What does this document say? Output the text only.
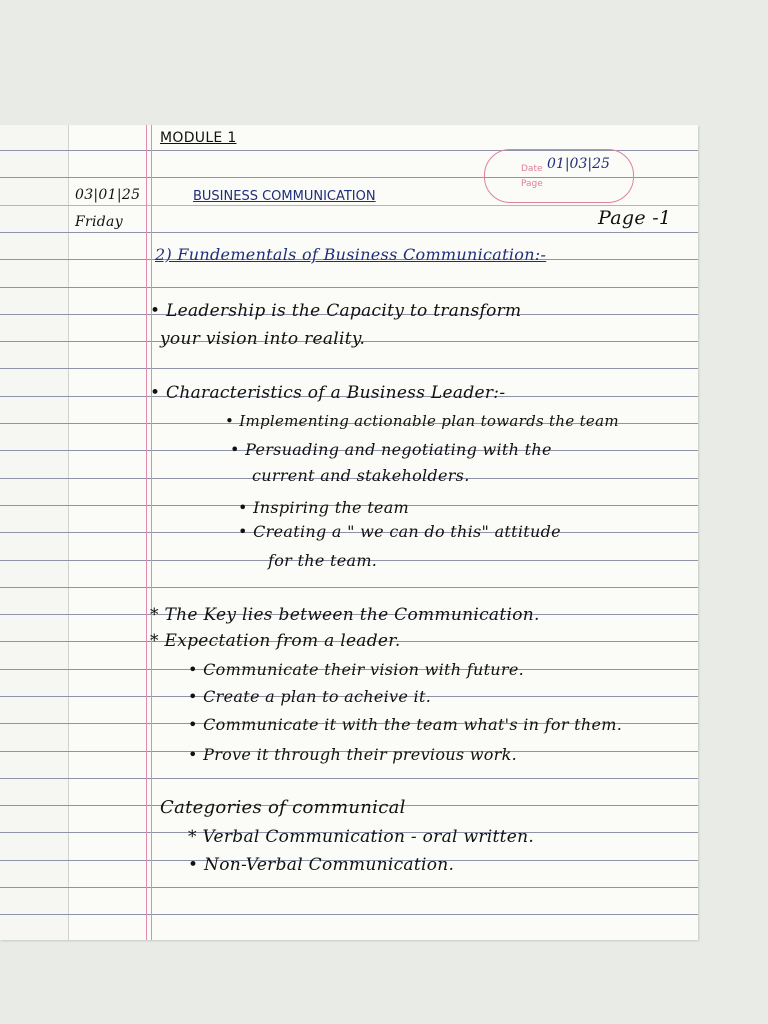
MODULE 1
Date
Page
01|03|25
03|01|25	BUSINESS COMMUNICATION
Friday	Page -1
2) Fundementals of Business Communication:-
• Leadership is the Capacity to transform
your vision into reality.
• Characteristics of a Business Leader:-
• Implementing actionable plan towards the team
• Persuading and negotiating with the
current and stakeholders.
• Inspiring the team
• Creating a " we can do this" attitude
for the team.
* The Key lies between the Communication.
* Expectation from a leader.
• Communicate their vision with future.
• Create a plan to acheive it.
• Communicate it with the team what's in for them.
• Prove it through their previous work.
Categories of communical
* Verbal Communication - oral written.
• Non-Verbal Communication.
